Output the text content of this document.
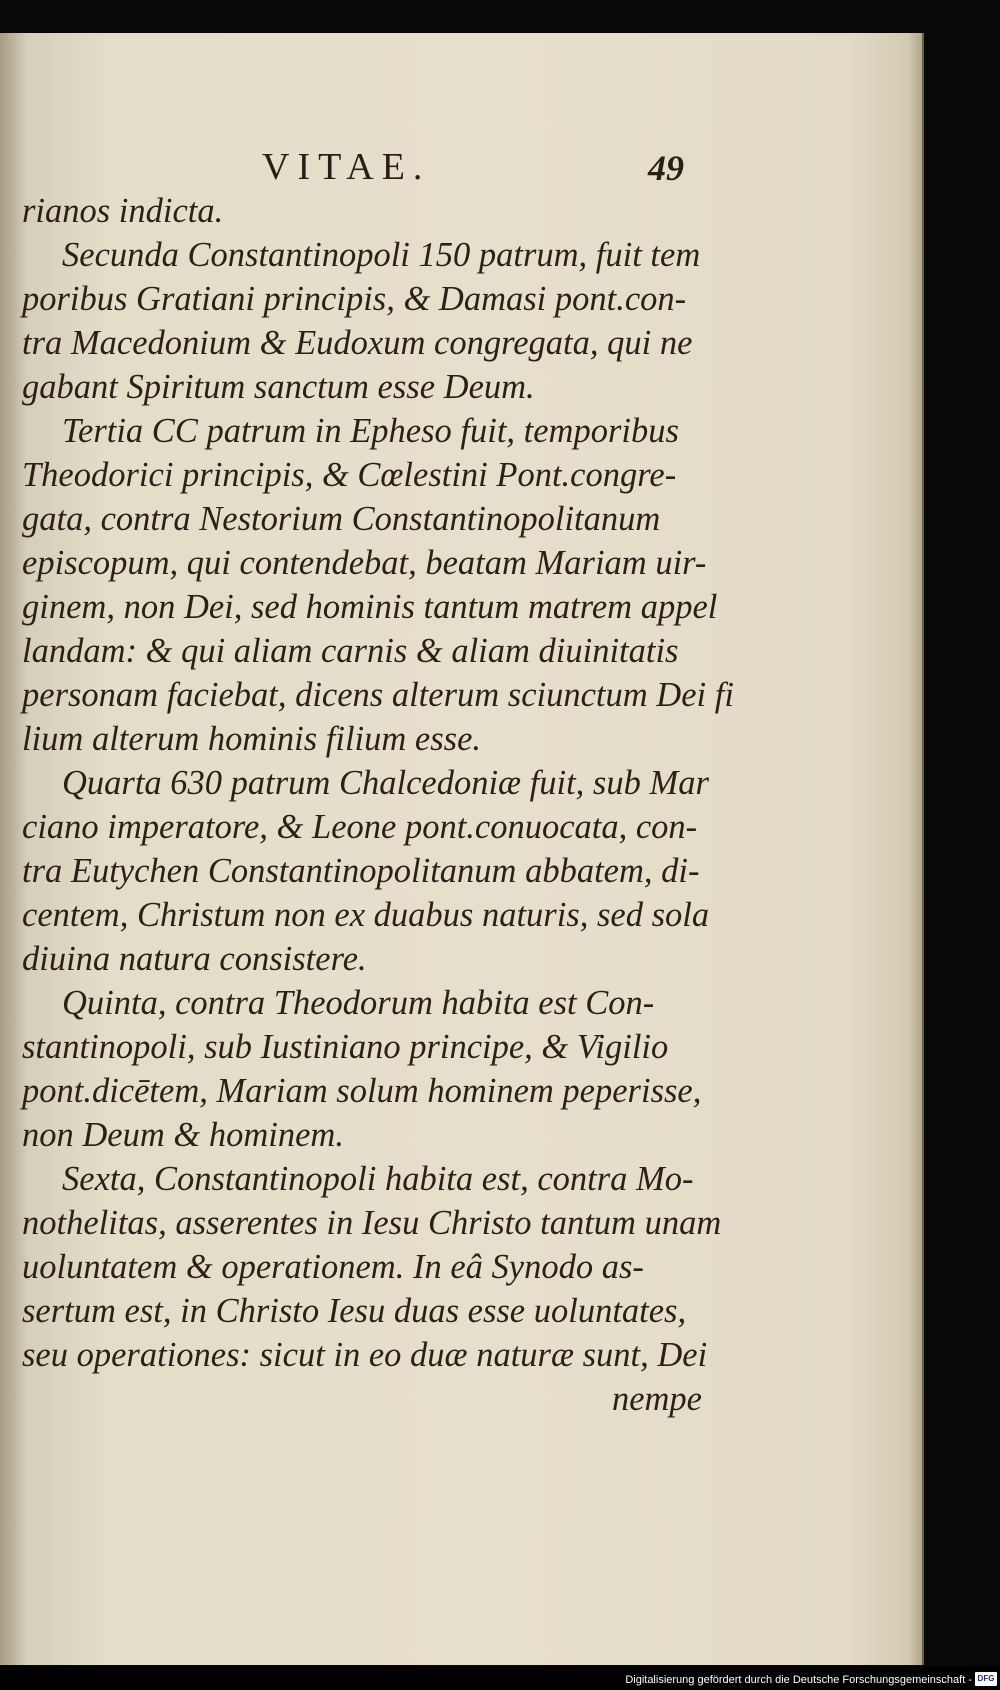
VITAE.	49
rianos indicta.
Secunda Constantinopoli 150 patrum, fuit tem
poribus Gratiani principis, & Damasi pont.con-
tra Macedonium & Eudoxum congregata, qui ne
gabant Spiritum sanctum esse Deum.
Tertia CC patrum in Epheso fuit, temporibus
Theodorici principis, & Cœlestini Pont.congre-
gata, contra Nestorium Constantinopolitanum
episcopum, qui contendebat, beatam Mariam uir-
ginem, non Dei, sed hominis tantum matrem appel
landam: & qui aliam carnis & aliam diuinitatis
personam faciebat, dicens alterum sciunctum Dei fi
lium alterum hominis filium esse.
Quarta 630 patrum Chalcedoniæ fuit, sub Mar
ciano imperatore, & Leone pont.conuocata, con-
tra Eutychen Constantinopolitanum abbatem, di-
centem, Christum non ex duabus naturis, sed sola
diuina natura consistere.
Quinta, contra Theodorum habita est Con-
stantinopoli, sub Iustiniano principe, & Vigilio
pont.dicētem, Mariam solum hominem peperisse,
non Deum & hominem.
Sexta, Constantinopoli habita est, contra Mo-
nothelitas, asserentes in Iesu Christo tantum unam
uoluntatem & operationem. In eâ Synodo as-
sertum est, in Christo Iesu duas esse uoluntates,
seu operationes: sicut in eo duæ naturæ sunt, Dei
nempe
Digitalisierung gefördert durch die Deutsche Forschungsgemeinschaft - DFG
